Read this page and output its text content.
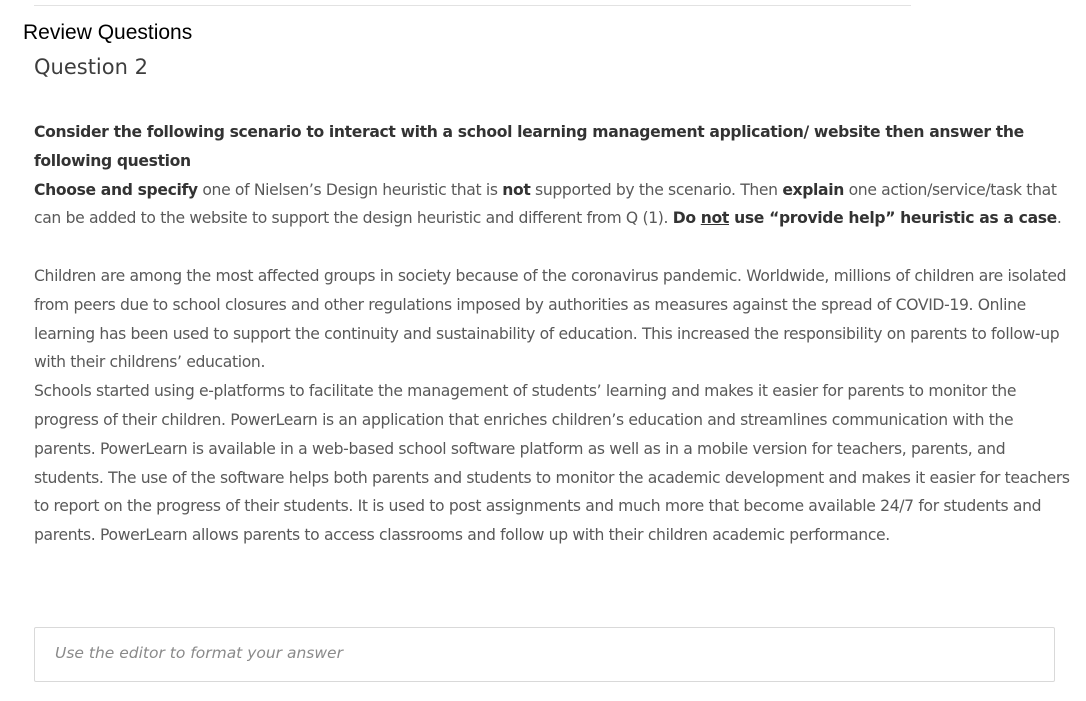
Review Questions
Question 2

Consider the following scenario to interact with a school learning management application/ website then answer the following question
Choose and specify one of Nielsen’s Design heuristic that is not supported by the scenario. Then explain one action/service/task that can be added to the website to support the design heuristic and different from Q (1). Do not use “provide help” heuristic as a case.

Children are among the most affected groups in society because of the coronavirus pandemic. Worldwide, millions of children are isolated from peers due to school closures and other regulations imposed by authorities as measures against the spread of COVID-19. Online learning has been used to support the continuity and sustainability of education. This increased the responsibility on parents to follow-up with their childrens’ education.

Schools started using e-platforms to facilitate the management of students’ learning and makes it easier for parents to monitor the progress of their children. PowerLearn is an application that enriches children’s education and streamlines communication with the parents. PowerLearn is available in a web-based school software platform as well as in a mobile version for teachers, parents, and students. The use of the software helps both parents and students to monitor the academic development and makes it easier for teachers to report on the progress of their students. It is used to post assignments and much more that become available 24/7 for students and parents. PowerLearn allows parents to access classrooms and follow up with their children academic performance.

Use the editor to format your answer
